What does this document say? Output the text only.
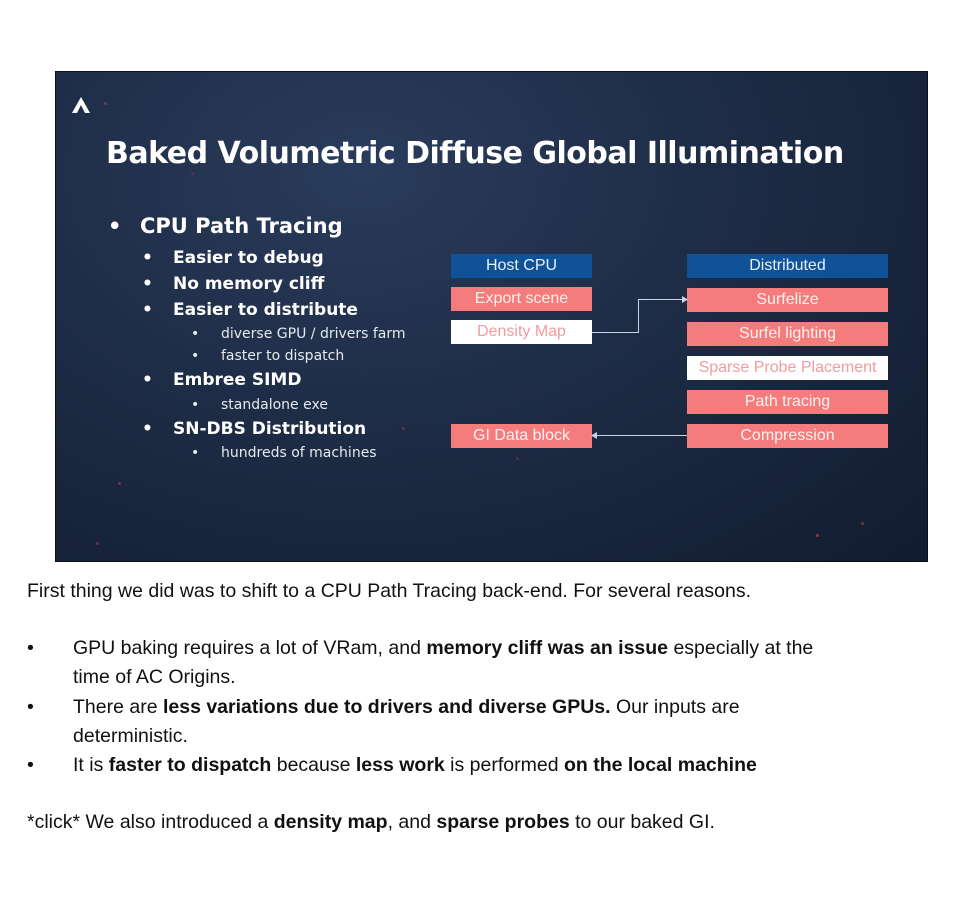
Baked Volumetric Diffuse Global Illumination
• CPU Path Tracing
• Easier to debug
• No memory cliff
• Easier to distribute
• diverse GPU / drivers farm
• faster to dispatch
• Embree SIMD
• standalone exe
• SN-DBS Distribution
• hundreds of machines
Host CPU
Export scene
Density Map
GI Data block
Distributed
Surfelize
Surfel lighting
Sparse Probe Placement
Path tracing
Compression

First thing we did was to shift to a CPU Path Tracing back-end. For several reasons.

• GPU baking requires a lot of VRam, and memory cliff was an issue especially at the
time of AC Origins.
• There are less variations due to drivers and diverse GPUs. Our inputs are
deterministic.
• It is faster to dispatch because less work is performed on the local machine

*click* We also introduced a density map, and sparse probes to our baked GI.
